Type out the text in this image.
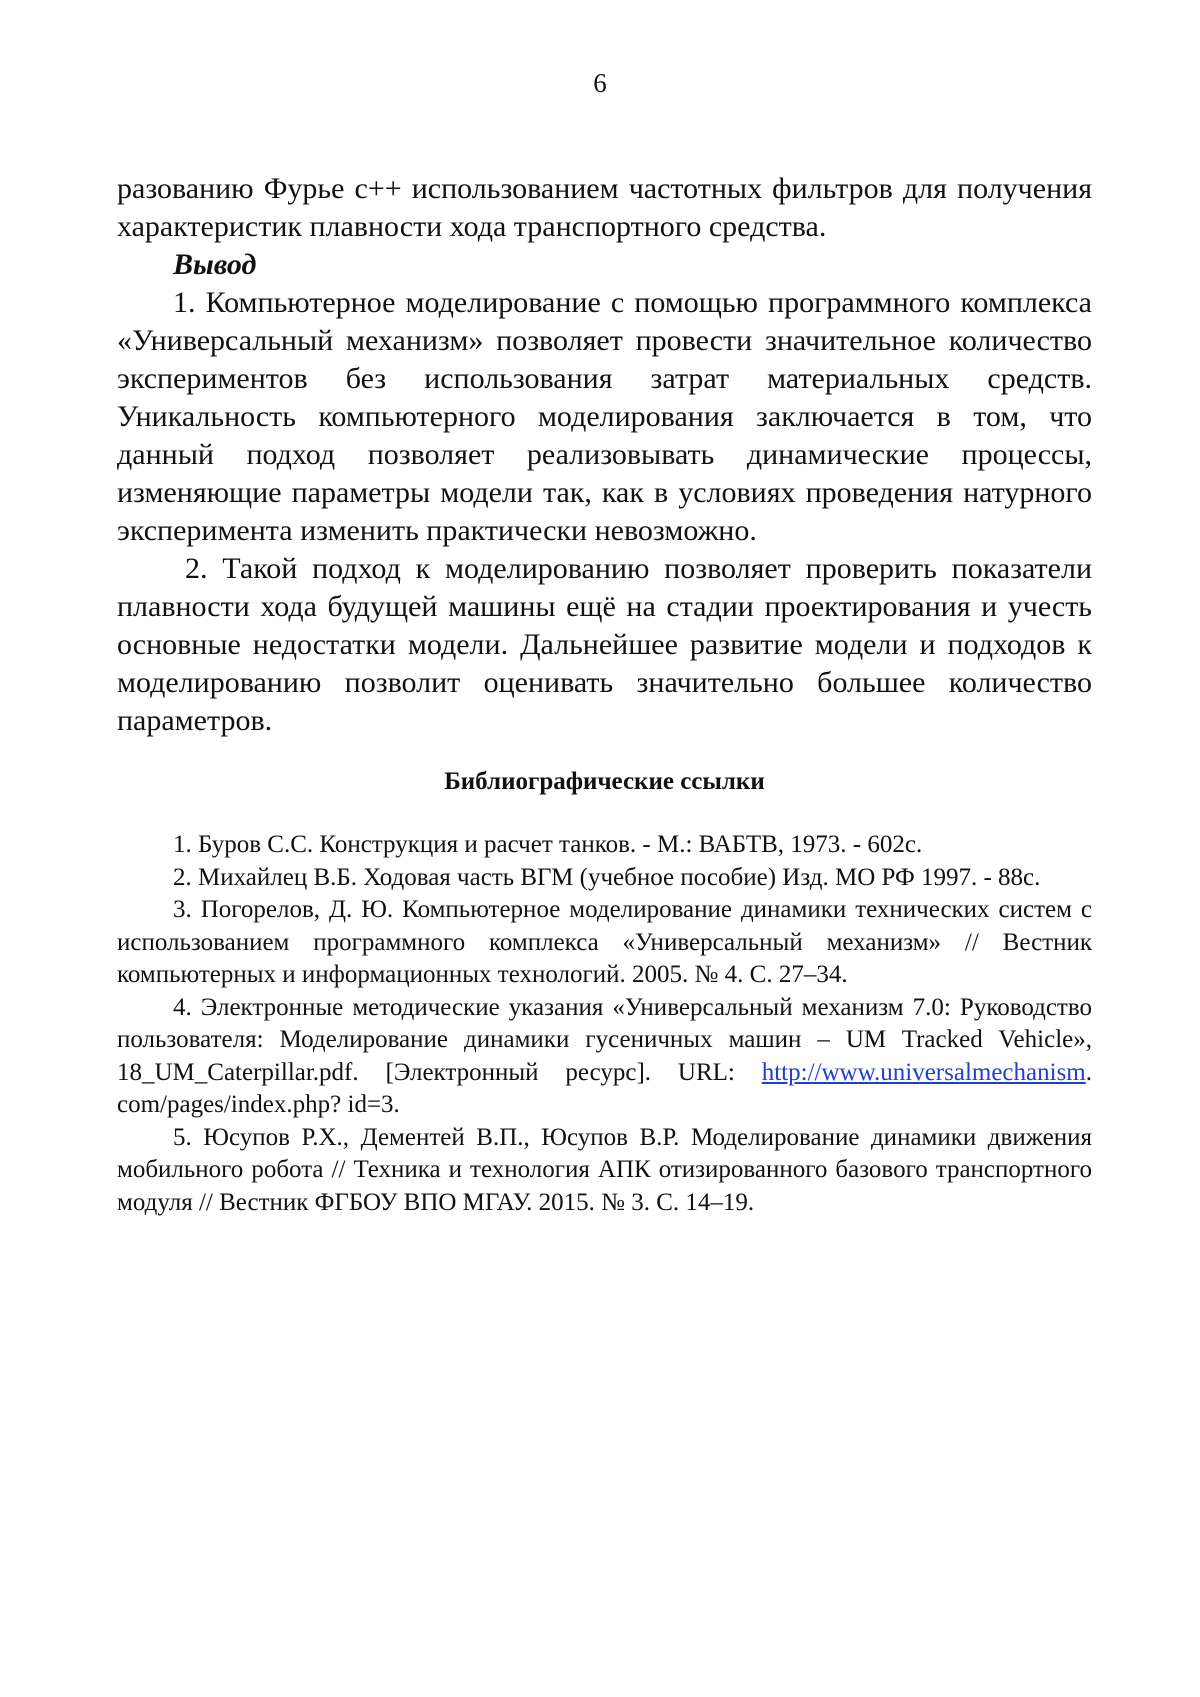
6

разованию Фурье с++ использованием частотных фильтров для получения характеристик плавности хода транспортного средства.

Вывод

1. Компьютерное моделирование с помощью программного комплекса «Универсальный механизм» позволяет провести значительное количество экспериментов без использования затрат материальных средств. Уникальность компьютерного моделирования заключается в том, что данный подход позволяет реализовывать динамические процессы, изменяющие параметры модели так, как в условиях проведения натурного эксперимента изменить практически невозможно.

2. Такой подход к моделированию позволяет проверить показатели плавности хода будущей машины ещё на стадии проектирования и учесть основные недостатки модели. Дальнейшее развитие модели и подходов к моделированию позволит оценивать значительно большее количество параметров.

Библиографические ссылки
1. Буров С.С. Конструкция и расчет танков. - М.: ВАБТВ, 1973. - 602с.
2. Михайлец В.Б. Ходовая часть ВГМ (учебное пособие) Изд. МО РФ 1997. - 88с.
3. Погорелов, Д. Ю. Компьютерное моделирование динамики технических систем с использованием программного комплекса «Универсальный механизм» // Вестник компьютерных и информационных технологий. 2005. № 4. С. 27–34.
4. Электронные методические указания «Универсальный механизм 7.0: Руководство пользователя: Моделирование динамики гусеничных машин – UM Tracked Vehicle», 18_UM_Caterpillar.pdf. [Электронный ресурс]. URL: http://www.universalmechanism. com/pages/index.php? id=3.
5. Юсупов Р.Х., Дементей В.П., Юсупов В.Р. Моделирование динамики движения мобильного робота // Техника и технология АПК отизированного базового транспортного модуля // Вестник ФГБОУ ВПО МГАУ. 2015. № 3. С. 14–19.
